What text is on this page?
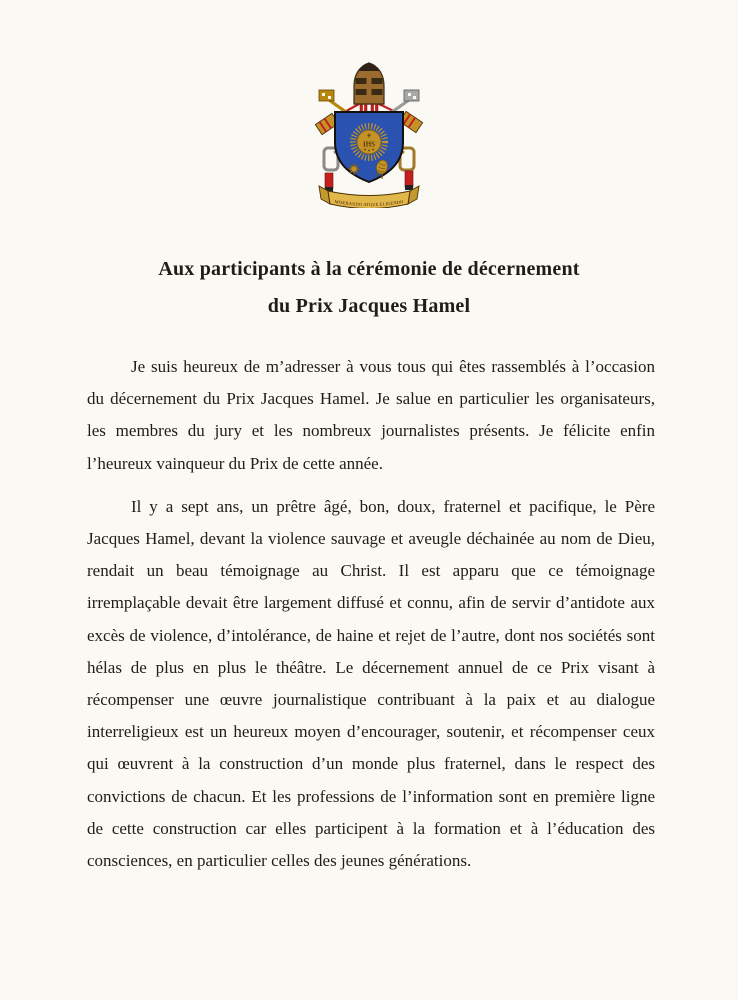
IHS
MISERANDO ATQUE ELIGENDO
Aux participants à la cérémonie de décernement
du Prix Jacques Hamel

Je suis heureux de m’adresser à vous tous qui êtes rassemblés à l’occasion du décernement du Prix Jacques Hamel. Je salue en particulier les organisateurs, les membres du jury et les nombreux journalistes présents. Je félicite enfin l’heureux vainqueur du Prix de cette année.

Il y a sept ans, un prêtre âgé, bon, doux, fraternel et pacifique, le Père Jacques Hamel, devant la violence sauvage et aveugle déchainée au nom de Dieu, rendait un beau témoignage au Christ. Il est apparu que ce témoignage irremplaçable devait être largement diffusé et connu, afin de servir d’antidote aux excès de violence, d’intolérance, de haine et rejet de l’autre, dont nos sociétés sont hélas de plus en plus le théâtre. Le décernement annuel de ce Prix visant à récompenser une œuvre journalistique contribuant à la paix et au dialogue interreligieux est un heureux moyen d’encourager, soutenir, et récompenser ceux qui œuvrent à la construction d’un monde plus fraternel, dans le respect des convictions de chacun. Et les professions de l’information sont en première ligne de cette construction car elles participent à la formation et à l’éducation des consciences, en particulier celles des jeunes générations.
